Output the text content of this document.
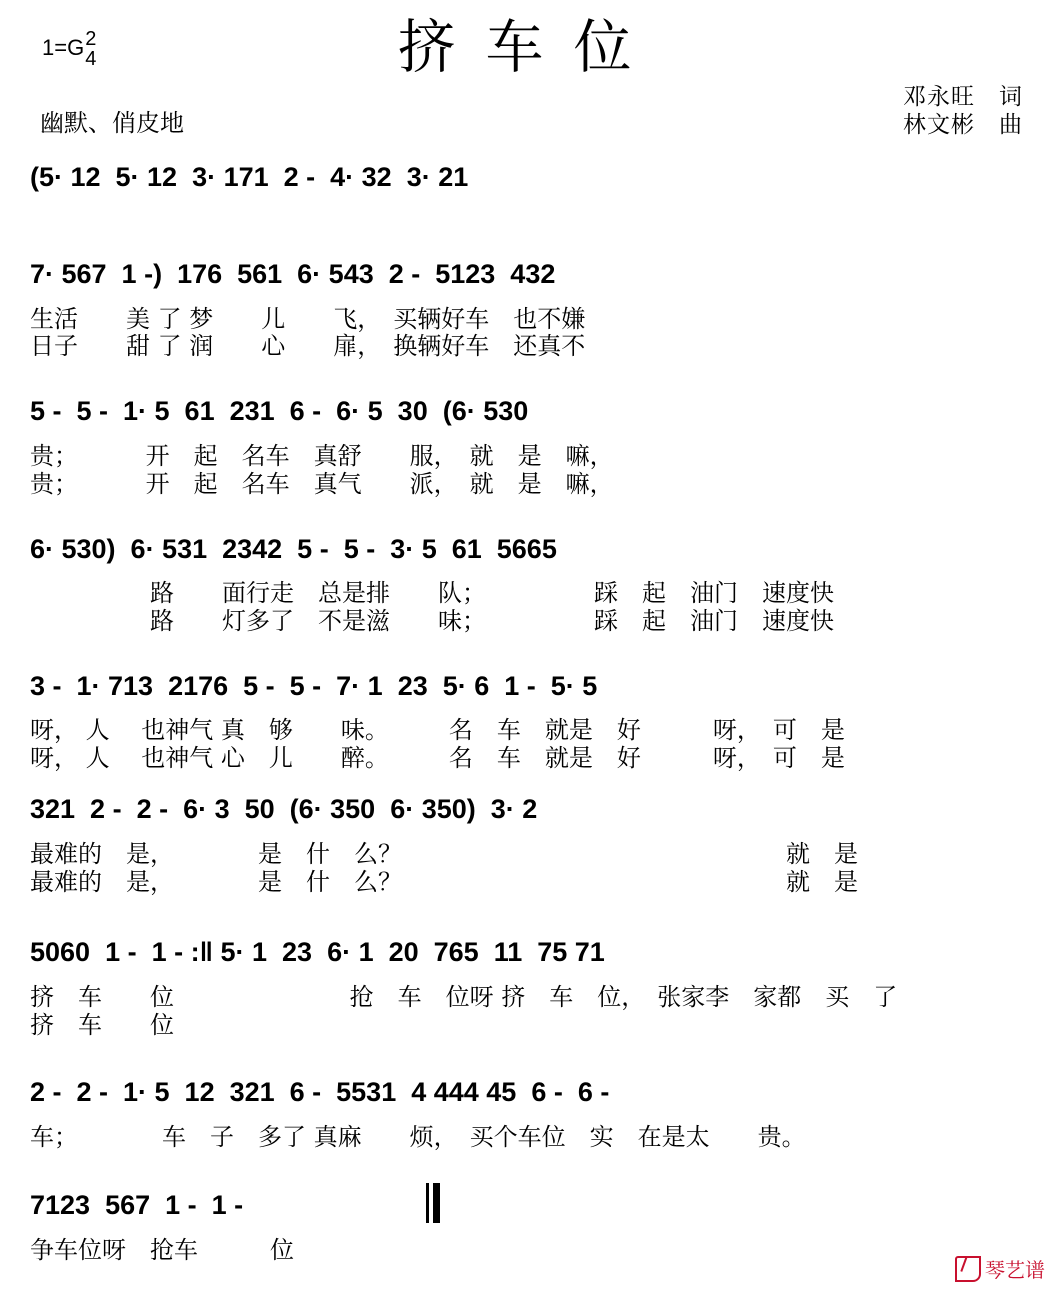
挤车位
1=G 2
4
幽默、俏皮地
邓永旺　词
林文彬　曲
(5· 12  5· 12  3· 171  2 -  4· 32  3· 21
7· 567  1 -)  176  561  6· 543  2 -  5123  432
生活　　美 了 梦　　儿　　飞，　买辆好车　也不嫌
日子　　甜 了 润　　心　　扉，　换辆好车　还真不
5 -  5 -  1· 5  61  231  6 -  6· 5  30  (6· 530
贵；　　　 开　起　名车　真舒　　服，　就　是　嘛，
贵；　　　 开　起　名车　真气　　派，　就　是　嘛，
6· 530)  6· 531  2342  5 -  5 -  3· 5  61  5665
　　　　　路　　面行走　总是排　　队；　　　　　踩　起　油门　速度快
　　　　　路　　灯多了　不是滋　　味；　　　　　踩　起　油门　速度快
3 -  1· 713  2176  5 -  5 -  7· 1  23  5· 6  1 -  5· 5
呀， 人　 也神气 真　够　　味。　　　名　车　就是　好　　　呀，　可　是
呀， 人　 也神气 心　儿　　醉。　　　名　车　就是　好　　　呀，　可　是
321  2 -  2 -  6· 3  50  (6· 350  6· 350)  3· 2
最难的　是，　　　　是　什　么？　　　　　　　　　　　　　　　　就　是
最难的　是，　　　　是　什　么？　　　　　　　　　　　　　　　　就　是
5060  1 -  1 - :‖ 5· 1  23  6· 1  20  765  11  75 71
挤　车　　位　　　　　　　 抢　车　位呀 挤　车　位，　张家李　家都　买　了
挤　车　　位
2 -  2 -  1· 5  12  321  6 -  5531  4 444 45  6 -  6 -
车；　　　　车　子　多了 真麻　　烦，　买个车位　实　在是太　　贵。
7123  567  1 -  1 -
争车位呀　抢车　　　位
琴艺谱
